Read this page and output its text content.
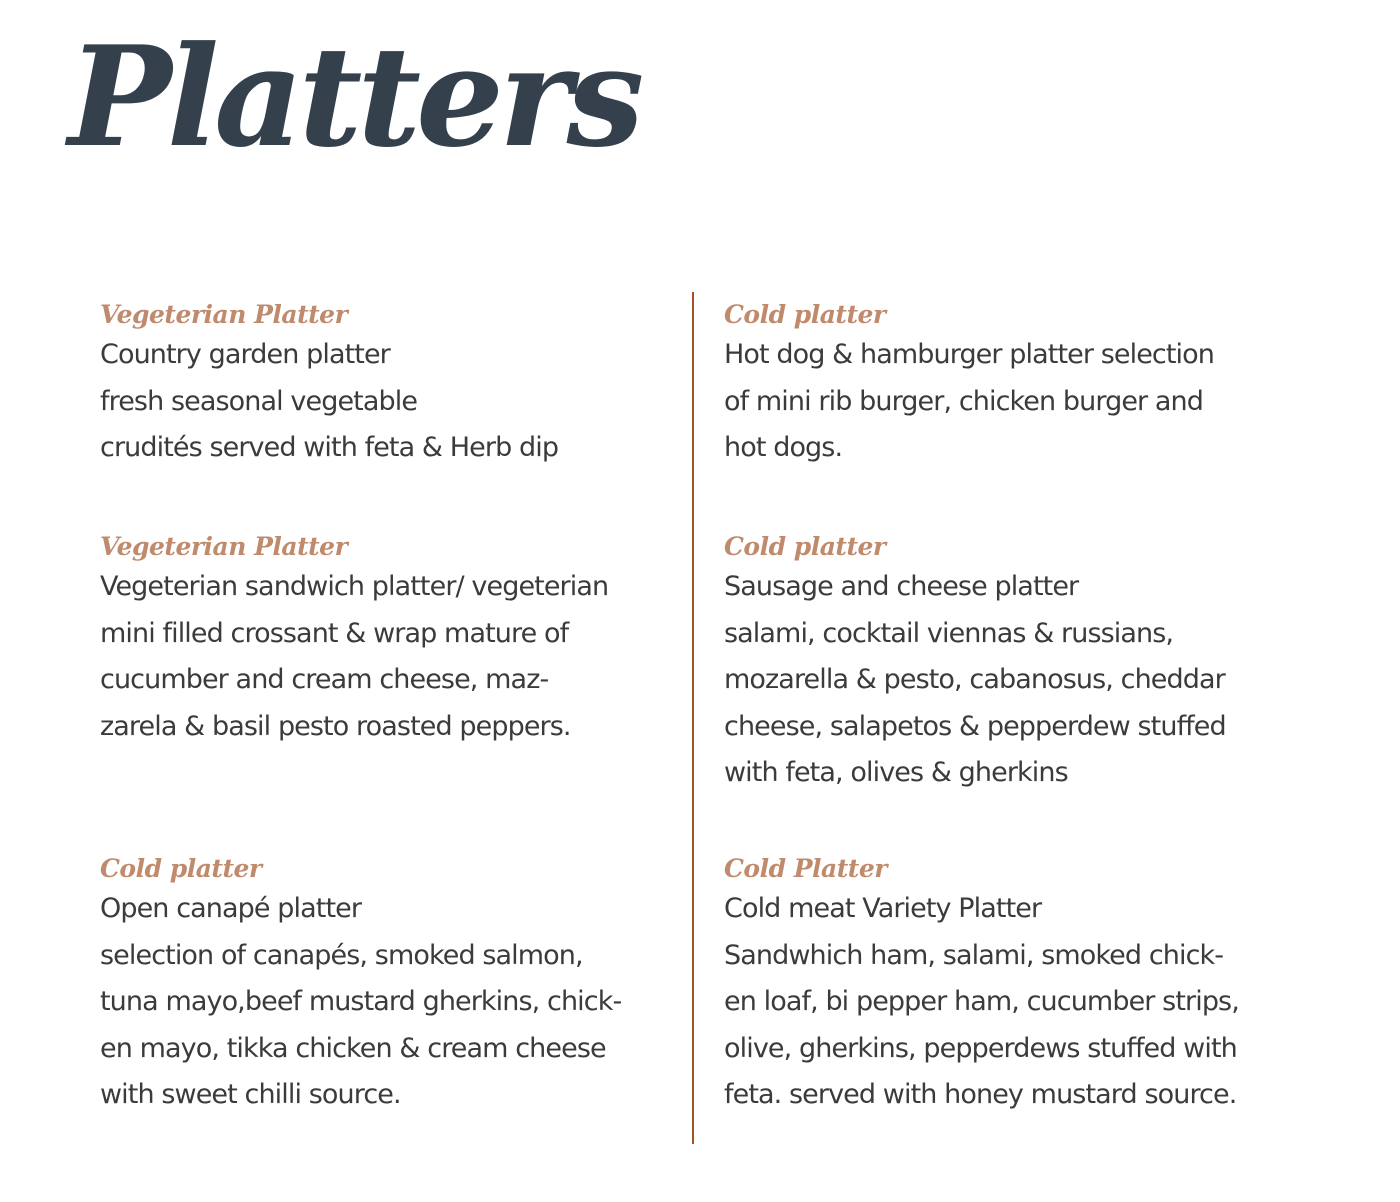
Platters
Vegeterian Platter
Country garden platter
fresh seasonal vegetable
crudités served with feta & Herb dip
Vegeterian Platter
Vegeterian sandwich platter/ vegeterian
mini filled crossant & wrap mature of
cucumber and cream cheese, maz-
zarela & basil pesto roasted peppers.
Cold platter
Open canapé platter
selection of canapés, smoked salmon,
tuna mayo,beef mustard gherkins, chick-
en mayo, tikka chicken & cream cheese
with sweet chilli source.
Cold platter
Hot dog & hamburger platter selection
of mini rib burger, chicken burger and
hot dogs.
Cold platter
Sausage and cheese platter
salami, cocktail viennas & russians,
mozarella & pesto, cabanosus, cheddar
cheese, salapetos & pepperdew stuffed
with feta, olives & gherkins
Cold Platter
Cold meat Variety Platter
Sandwhich ham, salami, smoked chick-
en loaf, bi pepper ham, cucumber strips,
olive, gherkins, pepperdews stuffed with
feta. served with honey mustard source.
